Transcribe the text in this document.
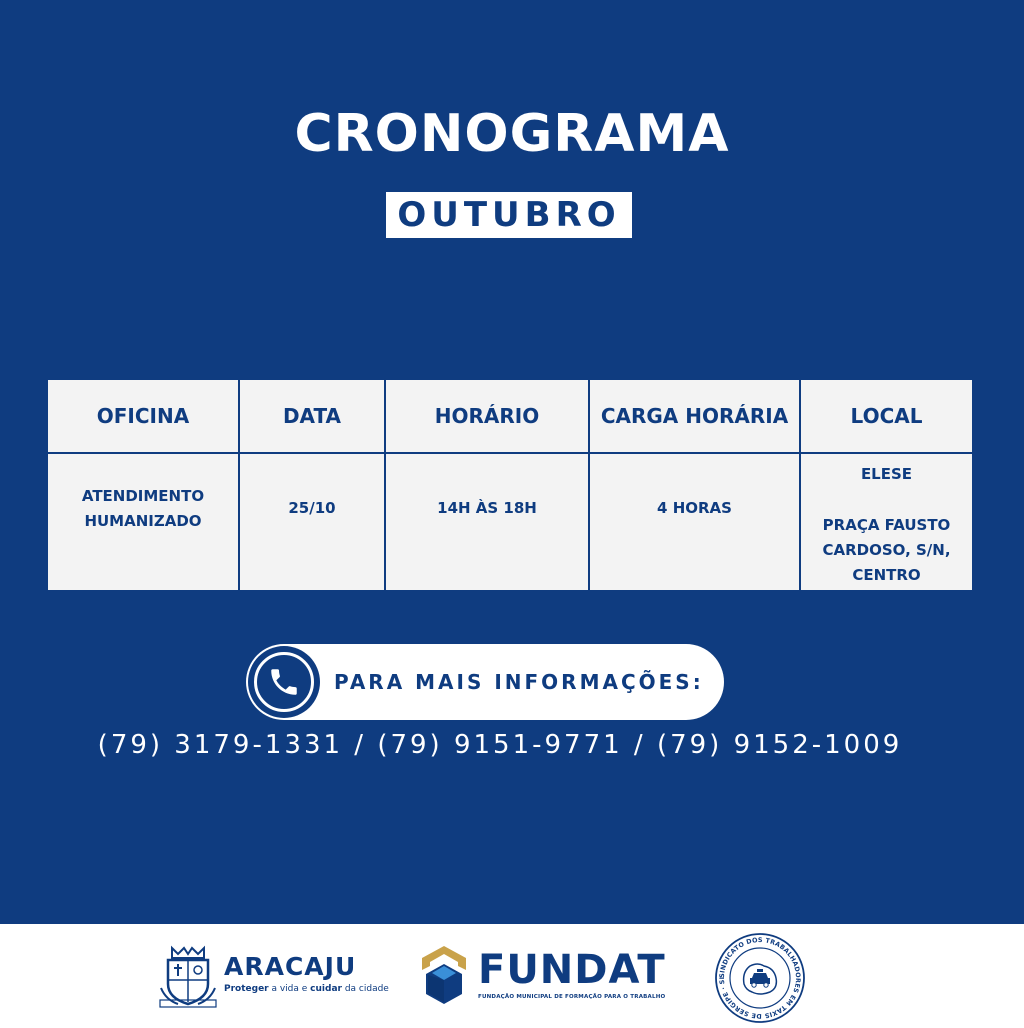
CRONOGRAMA
OUTUBRO
OFICINA	DATA	HORÁRIO	CARGA HORÁRIA	LOCAL
ATENDIMENTO HUMANIZADO	25/10	14H ÀS 18H	4 HORAS	ELESE
PRAÇA FAUSTO CARDOSO, S/N, CENTRO
PARA MAIS INFORMAÇÕES:
(79) 3179-1331 / (79) 9151-9771 / (79) 9152-1009
ARACAJU
Proteger a vida e cuidar da cidade FUNDAT
FUNDAÇÃO MUNICIPAL DE FORMAÇÃO PARA O TRABALHO
SINDICATO DOS TRABALHADORES EM TAXIS DE SERGIPE · SI
